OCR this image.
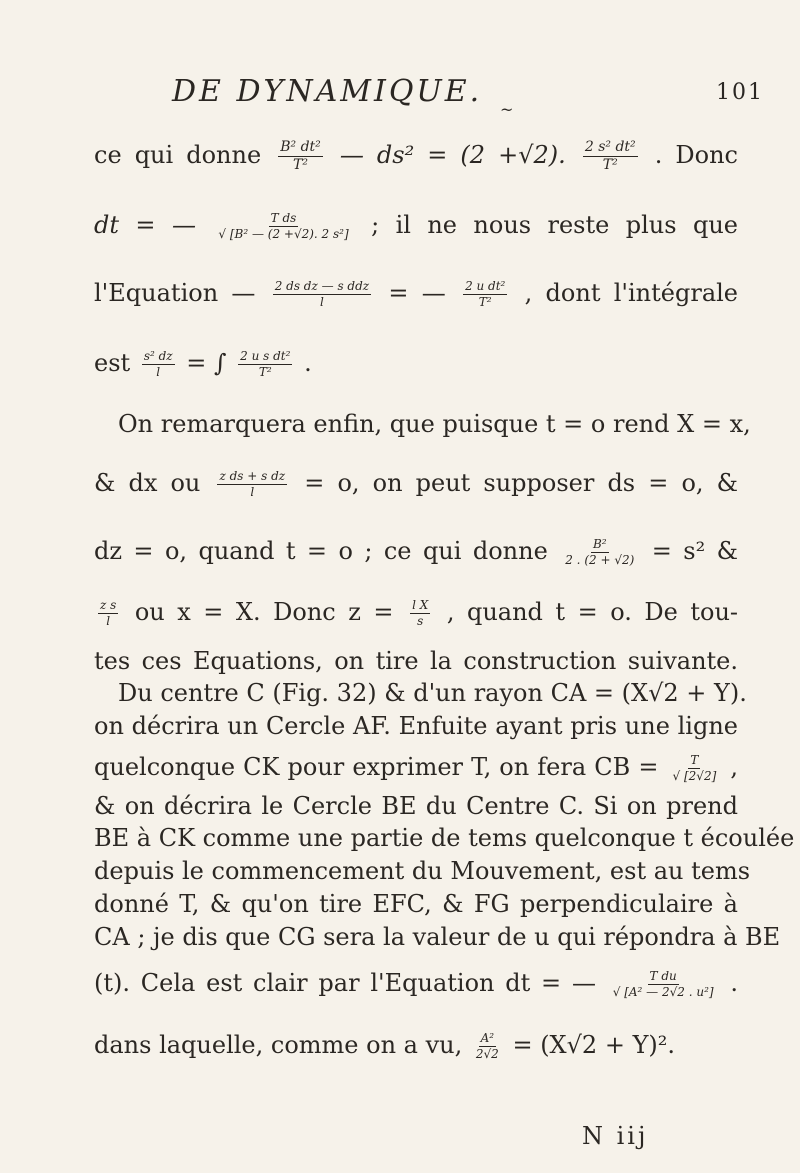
DE DYNAMIQUE.
~
101
ce qui donne $\frac{\text{B² dt²}}{\text{T²}}$ — ds² = (2 +√2). $\frac{\text{2 s² dt²}}{\text{T²}}$ . Donc
dt = — $\frac{\text{T ds}}{\text{√ [B² — (2 +√2). 2 s²]}}$ ; il ne nous reste plus que
l'Equation — $\frac{\text{2 ds dz — s ddz}}{l}$ = — $\frac{\text{2 u dt²}}{\text{T²}}$ , dont l'intégrale
est $\frac{\text{s² dz}}{l}$ = ∫ $\frac{\text{2 u s dt²}}{\text{T²}}$ .
On remarquera enfin, que puisque t = o rend X = x,
& dx ou $\frac{\text{z ds + s dz}}{l} = o$, on peut supposer ds = o, &
dz = o, quand t = o ; ce qui donne $\frac{\text{B²}}{2 . (2 + √2)} = s^2$ &
$\frac{\text{z s}}{l}$ ou x = X. Donc $z = \frac{\text{l X}}{s}$ , quand t = o. De tou-
tes ces Equations, on tire la construction suivante.
Du centre C (Fig. 32) & d'un rayon CA = (X√2 + Y).
on décrira un Cercle AF. Enfuite ayant pris une ligne
quelconque CK pour exprimer T, on fera CB = $\frac{T}{√ [2√2]}$ ,
& on décrira le Cercle BE du Centre C. Si on prend
BE à CK comme une partie de tems quelconque t écoulée
depuis le commencement du Mouvement, est au tems
donné T, & qu'on tire EFC, & FG perpendiculaire à
CA ; je dis que CG sera la valeur de u qui répondra à BE
(t). Cela est clair par l'Equation dt = — $\frac{\text{T du}}{\text{√ [A² — 2√2 . u²]}}$ .
dans laquelle, comme on a vu, $\frac{\text{A²}}{2√2} = (X√2 + Y)^2$.
N iij
